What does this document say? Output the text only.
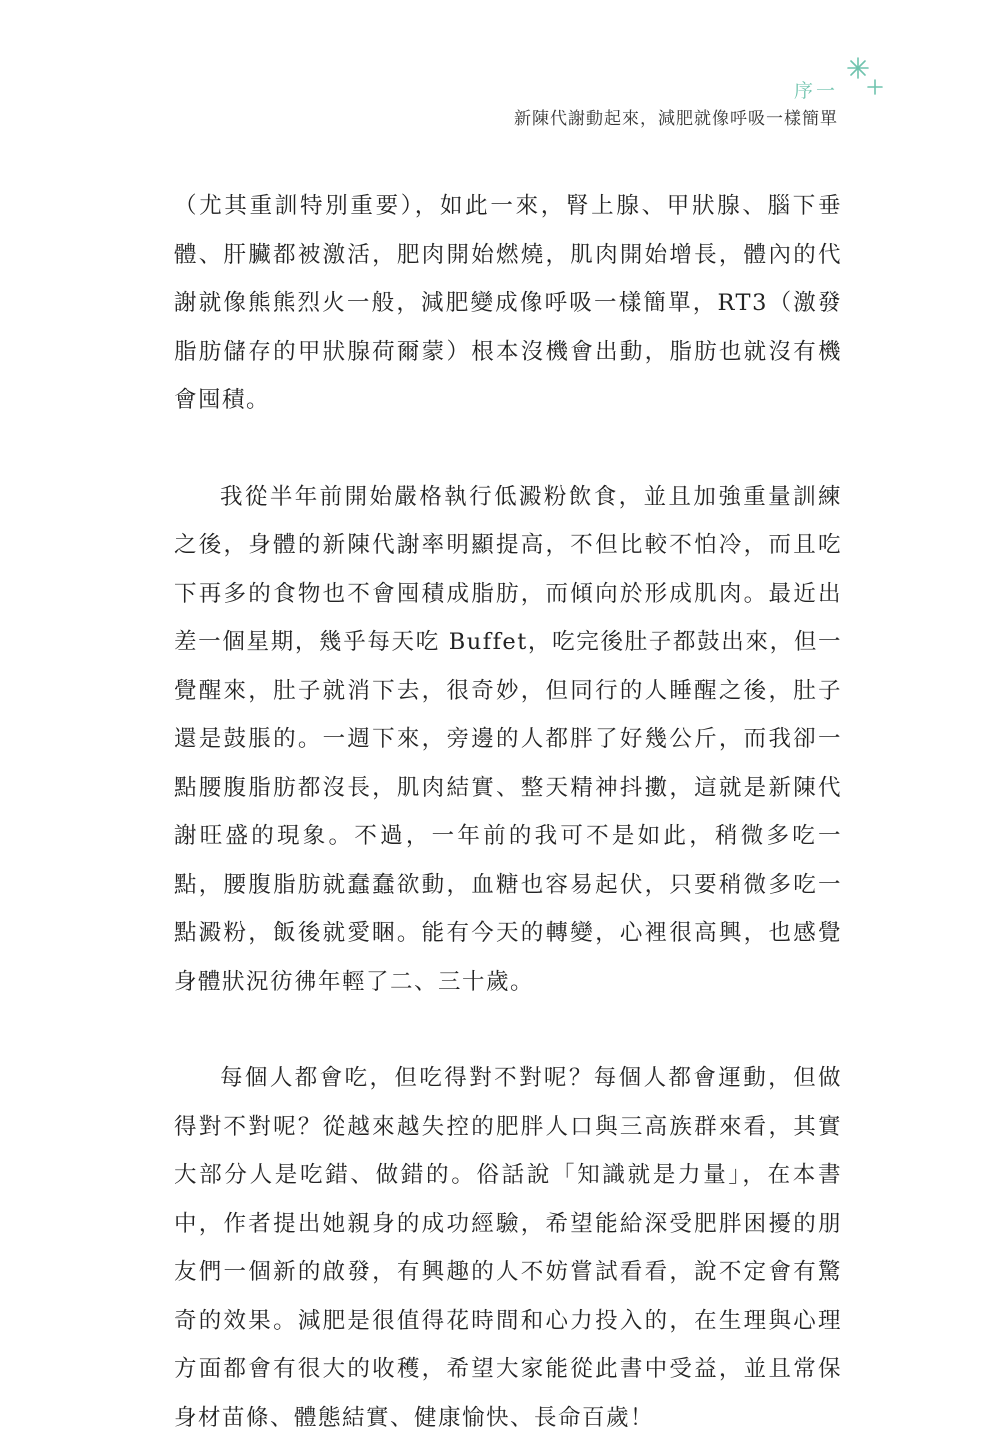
序一
新陳代謝動起來，減肥就像呼吸一樣簡單

（尤其重訓特別重要），如此一來，腎上腺、甲狀腺、腦下垂體、肝臟都被激活，肥肉開始燃燒，肌肉開始增長，體內的代謝就像熊熊烈火一般，減肥變成像呼吸一樣簡單，RT3（激發脂肪儲存的甲狀腺荷爾蒙）根本沒機會出動，脂肪也就沒有機會囤積。

我從半年前開始嚴格執行低澱粉飲食，並且加強重量訓練之後，身體的新陳代謝率明顯提高，不但比較不怕冷，而且吃下再多的食物也不會囤積成脂肪，而傾向於形成肌肉。最近出差一個星期，幾乎每天吃 Buffet，吃完後肚子都鼓出來，但一覺醒來，肚子就消下去，很奇妙，但同行的人睡醒之後，肚子還是鼓脹的。一週下來，旁邊的人都胖了好幾公斤，而我卻一點腰腹脂肪都沒長，肌肉結實、整天精神抖擻，這就是新陳代謝旺盛的現象。不過，一年前的我可不是如此，稍微多吃一點，腰腹脂肪就蠢蠢欲動，血糖也容易起伏，只要稍微多吃一點澱粉，飯後就愛睏。能有今天的轉變，心裡很高興，也感覺身體狀況彷彿年輕了二、三十歲。

每個人都會吃，但吃得對不對呢？每個人都會運動，但做得對不對呢？從越來越失控的肥胖人口與三高族群來看，其實大部分人是吃錯、做錯的。俗話說「知識就是力量」，在本書中，作者提出她親身的成功經驗，希望能給深受肥胖困擾的朋友們一個新的啟發，有興趣的人不妨嘗試看看，說不定會有驚奇的效果。減肥是很值得花時間和心力投入的，在生理與心理方面都會有很大的收穫，希望大家能從此書中受益，並且常保身材苗條、體態結實、健康愉快、長命百歲！
